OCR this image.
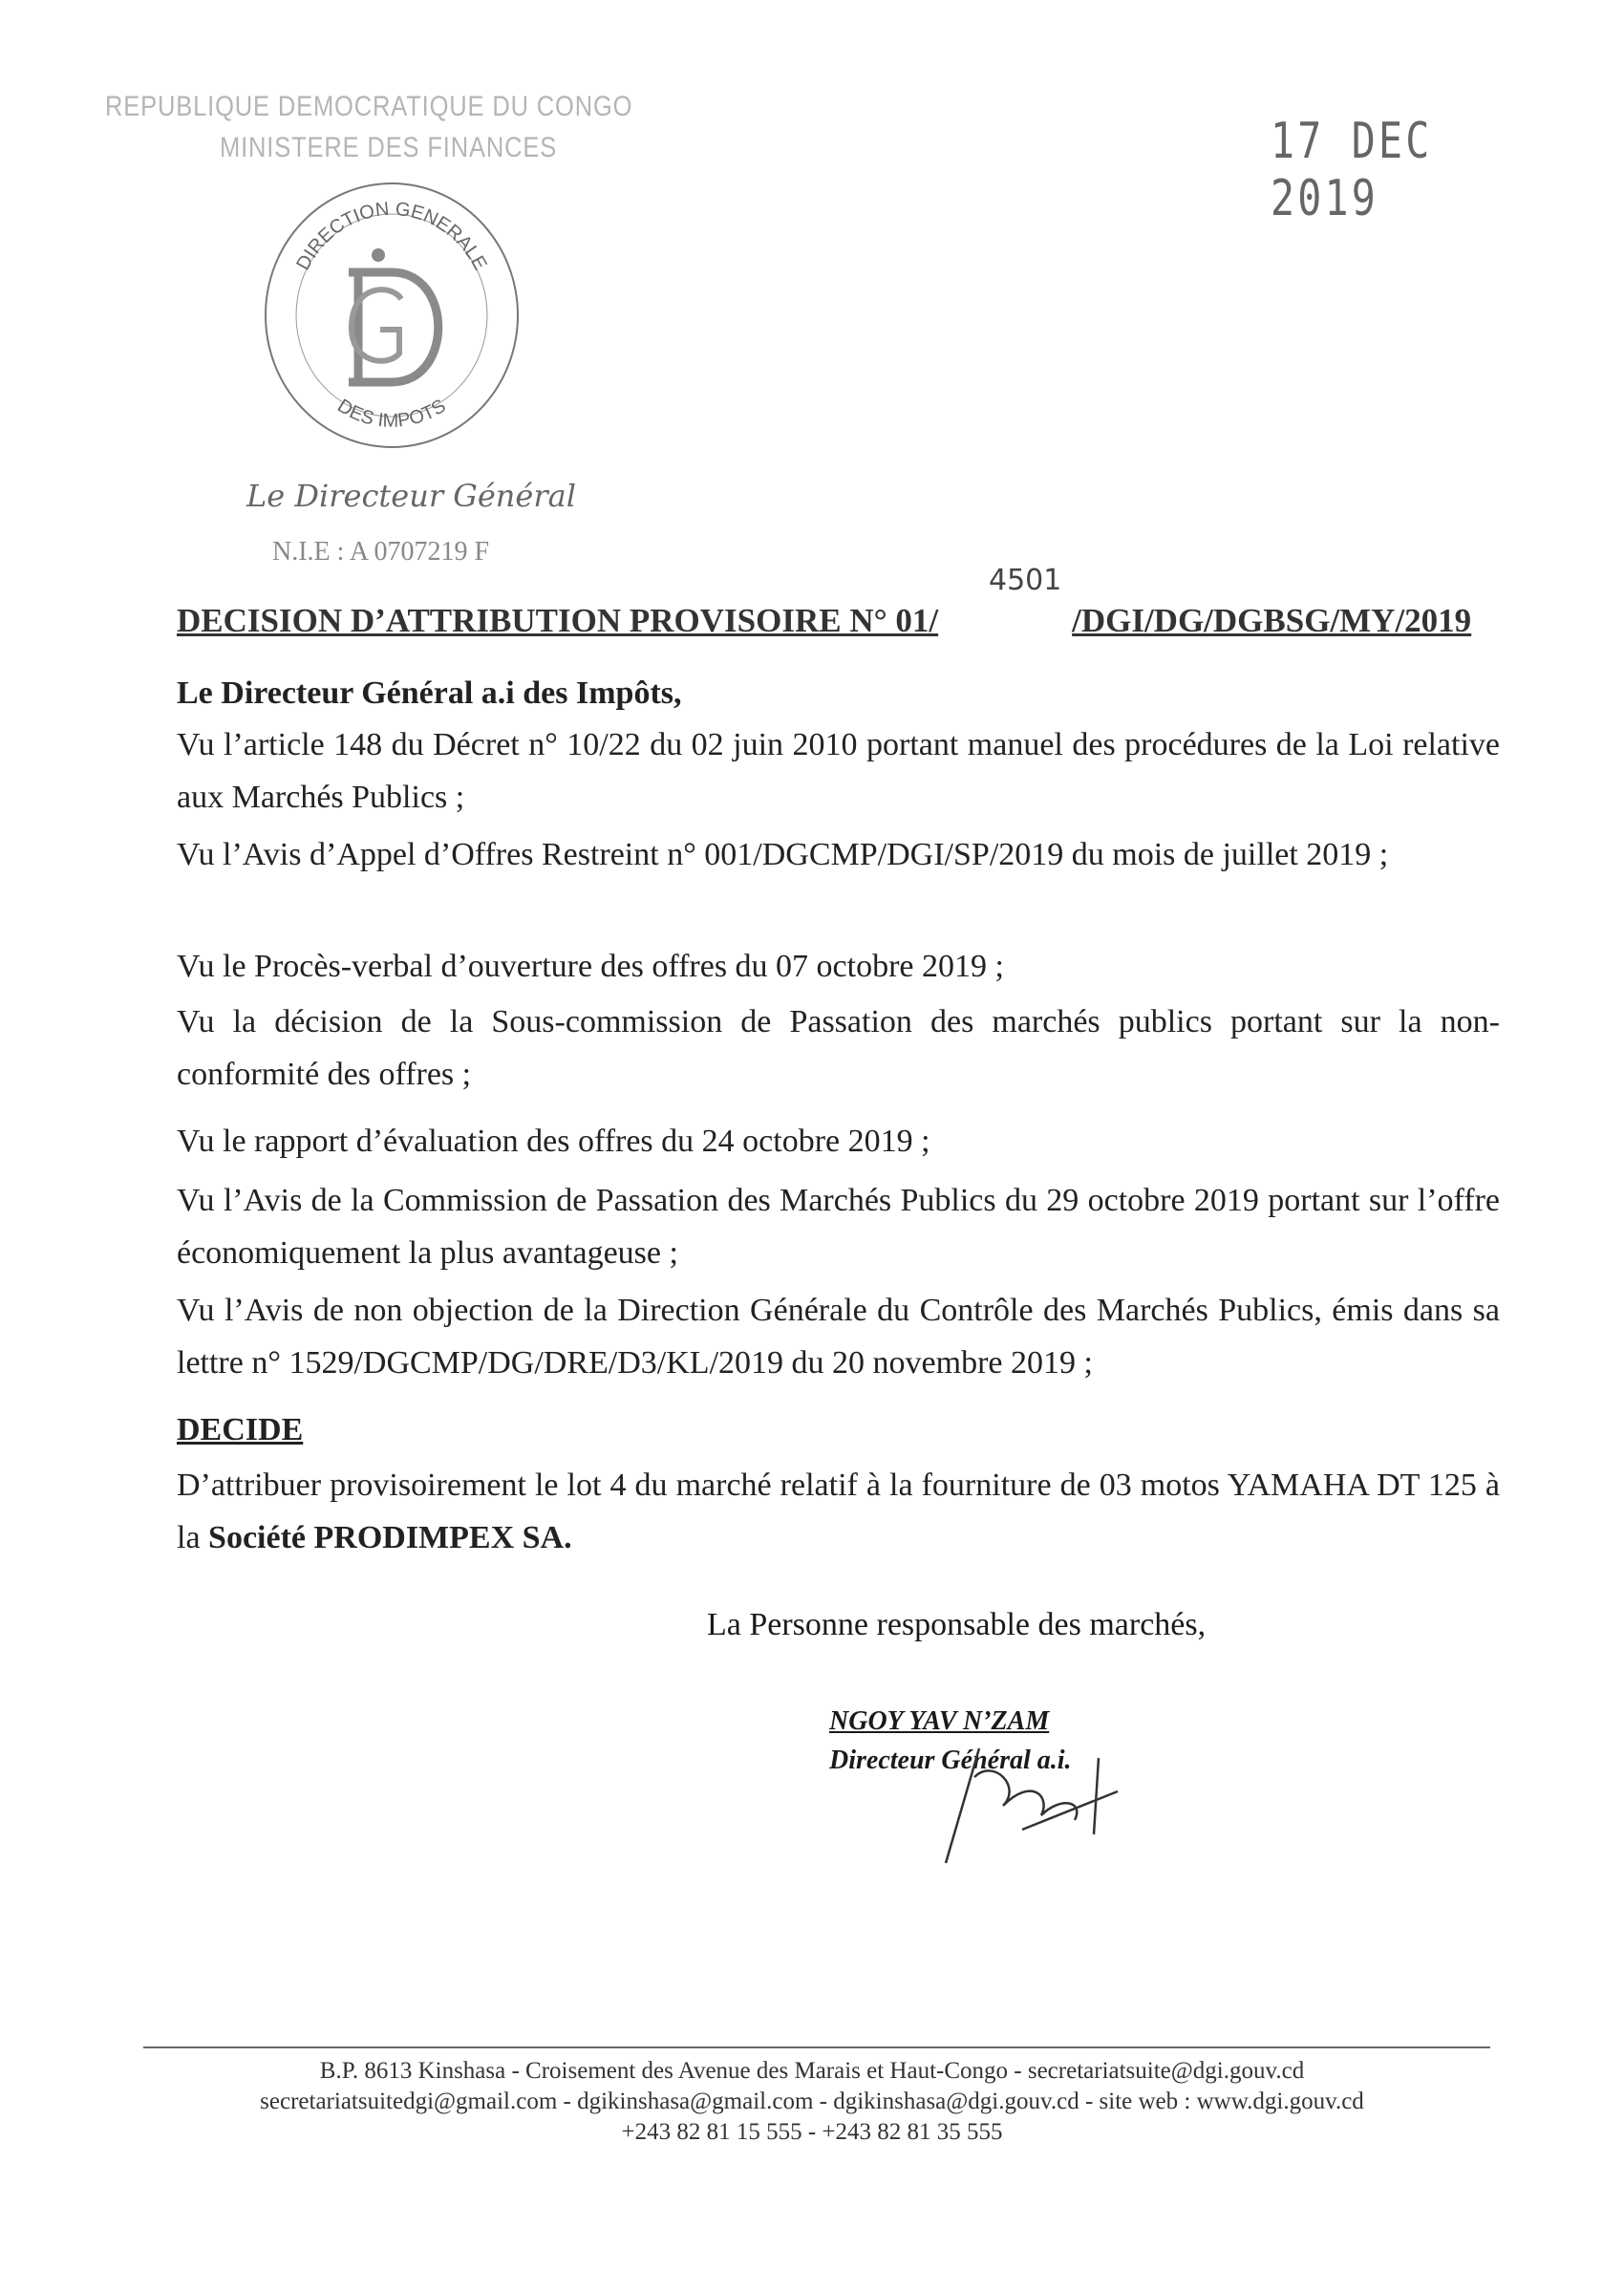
REPUBLIQUE DEMOCRATIQUE DU CONGO
MINISTERE DES FINANCES	17 DEC 2019
DIRECTION GENERALE
DES IMPOTS
Le Directeur Général
N.I.E : A 0707219 F
DECISION D’ATTRIBUTION PROVISOIRE N° 01/	/DGI/DG/DGBSG/MY/2019
4501
Le Directeur Général a.i des Impôts,
Vu l’article 148 du Décret n° 10/22 du 02 juin 2010 portant manuel des procédures de la Loi relative aux Marchés Publics ;
Vu l’Avis d’Appel d’Offres Restreint n° 001/DGCMP/DGI/SP/2019 du mois de juillet 2019 ;
Vu le Procès-verbal d’ouverture des offres du 07 octobre 2019 ;
Vu la décision de la Sous-commission de Passation des marchés publics portant sur la non-conformité des offres ;
Vu le rapport d’évaluation des offres du 24 octobre 2019 ;
Vu l’Avis de la Commission de Passation des Marchés Publics du 29 octobre 2019 portant sur l’offre économiquement la plus avantageuse ;
Vu l’Avis de non objection de la Direction Générale du Contrôle des Marchés Publics, émis dans sa lettre n° 1529/DGCMP/DG/DRE/D3/KL/2019 du 20 novembre 2019 ;
DECIDE
D’attribuer provisoirement le lot 4 du marché relatif à la fourniture de 03 motos YAMAHA DT 125 à la Société PRODIMPEX SA.
La Personne responsable des marchés,
NGOY YAV N’ZAM
Directeur Général a.i.
B.P. 8613 Kinshasa - Croisement des Avenue des Marais et Haut-Congo - secretariatsuite@dgi.gouv.cd
secretariatsuitedgi@gmail.com - dgikinshasa@gmail.com - dgikinshasa@dgi.gouv.cd - site web : www.dgi.gouv.cd
+243 82 81 15 555 - +243 82 81 35 555
